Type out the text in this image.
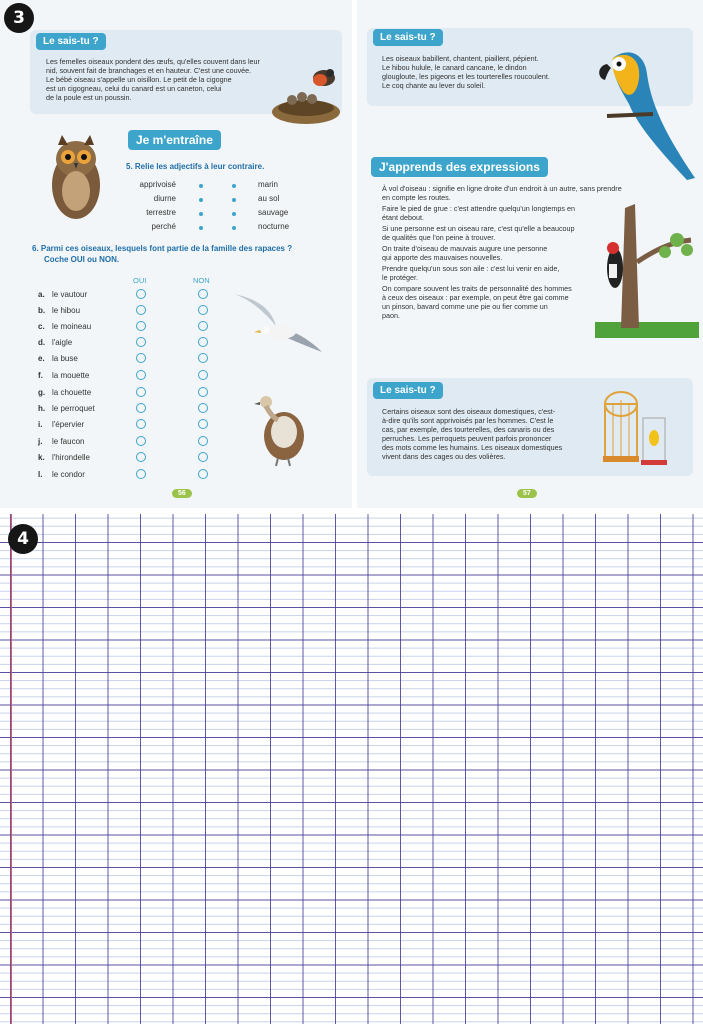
Le sais-tu ?
Les femelles oiseaux pondent des œufs, qu'elles couvent dans leur
nid, souvent fait de branchages et en hauteur. C'est une couvée.
Le bébé oiseau s'appelle un oisillon. Le petit de la cigogne
est un cigogneau, celui du canard est un caneton, celui
de la poule est un poussin.
Je m'entraîne
5. Relie les adjectifs à leur contraire.
apprivoisé
diurne
terrestre
perché
marin
au sol
sauvage
nocturne
6. Parmi ces oiseaux, lesquels font partie de la famille des rapaces ?
Coche OUI ou NON.
OUI	NON
a. le vautour
b. le hibou
c. le moineau
d. l'aigle
e. la buse
f. la mouette
g. la chouette
h. le perroquet
i. l'épervier
j. le faucon
k. l'hirondelle
l. le condor
56
Le sais-tu ?
Les oiseaux babillent, chantent, piaillent, pépient.
Le hibou hulule, le canard cancane, le dindon
glougloute, les pigeons et les tourterelles roucoulent.
Le coq chante au lever du soleil.
J'apprends des expressions
À vol d'oiseau : signifie en ligne droite d'un endroit à un autre, sans prendre
en compte les routes.
Faire le pied de grue : c'est attendre quelqu'un longtemps en
étant debout.
Si une personne est un oiseau rare, c'est qu'elle a beaucoup
de qualités que l'on peine à trouver.
On traite d'oiseau de mauvais augure une personne
qui apporte des mauvaises nouvelles.
Prendre quelqu'un sous son aile : c'est lui venir en aide,
le protéger.
On compare souvent les traits de personnalité des hommes
à ceux des oiseaux : par exemple, on peut être gai comme
un pinson, bavard comme une pie ou fier comme un
paon.
Le sais-tu ?
Certains oiseaux sont des oiseaux domestiques, c'est-
à-dire qu'ils sont apprivoisés par les hommes. C'est le
cas, par exemple, des tourterelles, des canaris ou des
perruches. Les perroquets peuvent parfois prononcer
des mots comme les humains. Les oiseaux domestiques
vivent dans des cages ou des volières.
57
3
4
